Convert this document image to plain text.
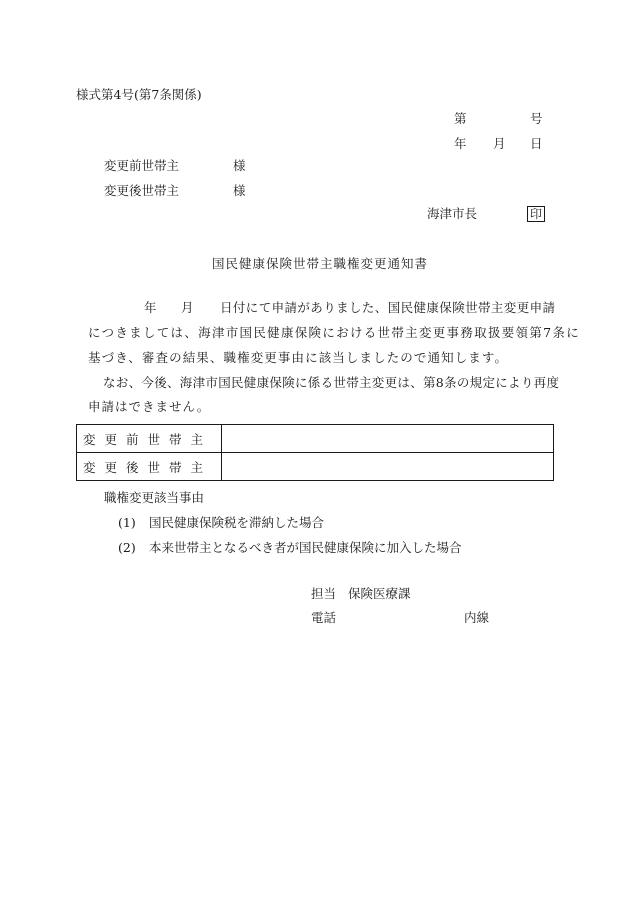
様式第4号(第7条関係)
第	号
年 月 日
変更前世帯主	様
変更後世帯主	様
海津市長	印
国民健康保険世帯主職権変更通知書
年 月 日付にて申請がありました、国民健康保険世帯主変更申請
につきましては、海津市国民健康保険における世帯主変更事務取扱要領第7条に
基づき、審査の結果、職権変更事由に該当しましたので通知します。
なお、今後、海津市国民健康保険に係る世帯主変更は、第8条の規定により再度
申請はできません。
変更前世帯主	
変更後世帯主	
職権変更該当事由
(1) 国民健康保険税を滞納した場合
(2) 本来世帯主となるべき者が国民健康保険に加入した場合
担当 保険医療課
電話	内線
